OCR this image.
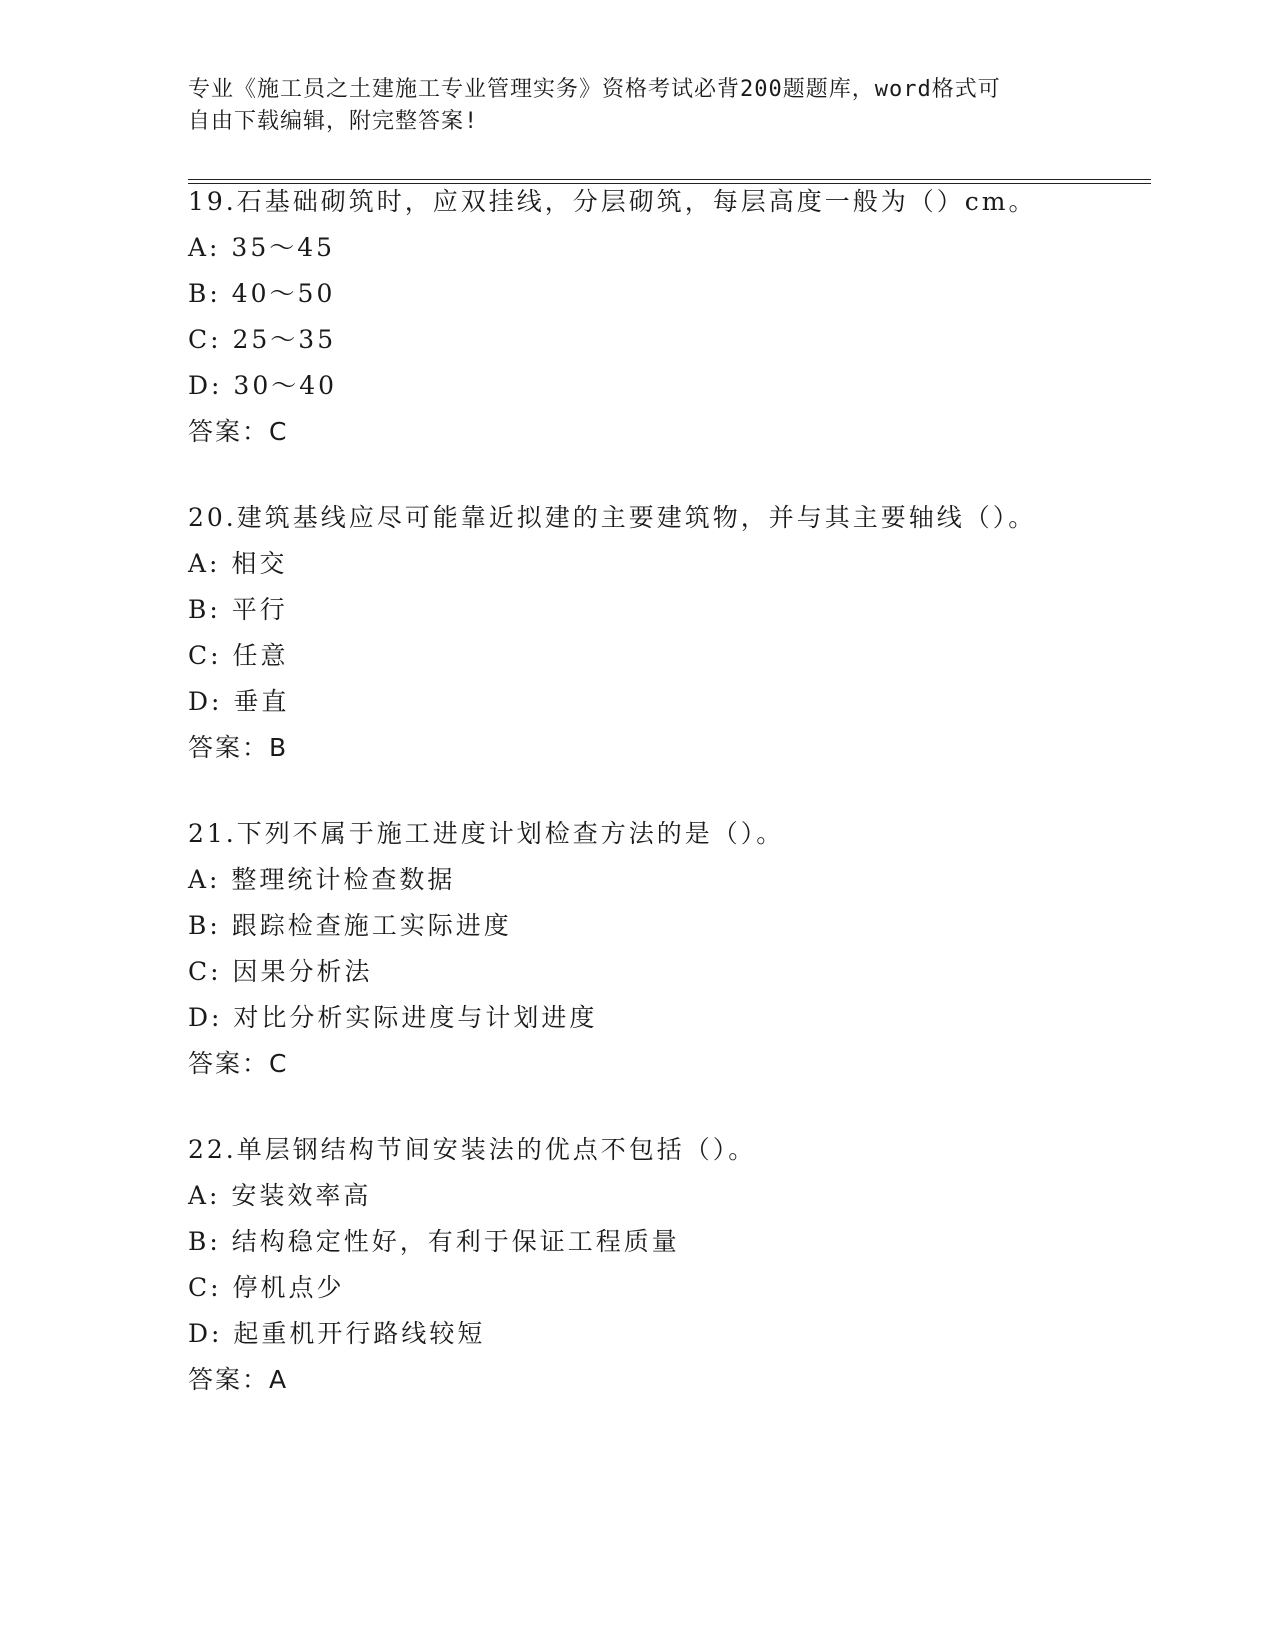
专业《施工员之土建施工专业管理实务》资格考试必背200题题库，word格式可

自由下载编辑，附完整答案!

19.石基础砌筑时，应双挂线，分层砌筑，每层高度一般为（）cm。

A: 35～45

B: 40～50

C: 25～35

D: 30～40

答案：C

20.建筑基线应尽可能靠近拟建的主要建筑物，并与其主要轴线（）。

A: 相交

B: 平行

C: 任意

D: 垂直

答案：B

21.下列不属于施工进度计划检查方法的是（）。

A: 整理统计检查数据

B: 跟踪检查施工实际进度

C: 因果分析法

D: 对比分析实际进度与计划进度

答案：C

22.单层钢结构节间安装法的优点不包括（）。

A: 安装效率高

B: 结构稳定性好，有利于保证工程质量

C: 停机点少

D: 起重机开行路线较短

答案：A
